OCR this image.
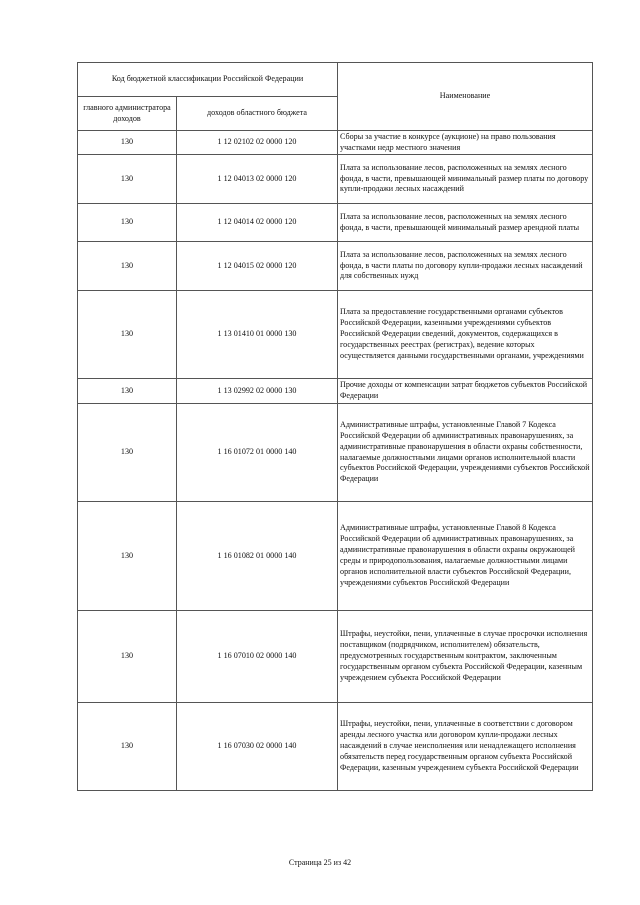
Код бюджетной классификации Российской Федерации		Наименование
главного администратора доходов	доходов областного бюджета	
130	1 12 02102 02 0000 120	Сборы за участие в конкурсе (аукционе) на право пользования участками недр местного значения
130	1 12 04013 02 0000 120	Плата за использование лесов, расположенных на землях лесного фонда, в части, превышающей минимальный размер платы по договору купли-продажи лесных насаждений
130	1 12 04014 02 0000 120	Плата за использование лесов, расположенных на землях лесного фонда, в части, превышающей минимальный размер арендной платы
130	1 12 04015 02 0000 120	Плата за использование лесов, расположенных на землях лесного фонда, в части платы по договору купли-продажи лесных насаждений для собственных нужд
130	1 13 01410 01 0000 130	Плата за предоставление государственными органами субъектов Российской Федерации, казенными учреждениями субъектов Российской Федерации сведений, документов, содержащихся в государственных реестрах (регистрах), ведение которых осуществляется данными государственными органами, учреждениями
130	1 13 02992 02 0000 130	Прочие доходы от компенсации затрат бюджетов субъектов Российской Федерации
130	1 16 01072 01 0000 140	Административные штрафы, установленные Главой 7 Кодекса Российской Федерации об административных правонарушениях, за административные правонарушения в области охраны собственности, налагаемые должностными лицами органов исполнительной власти субъектов Российской Федерации, учреждениями субъектов Российской Федерации
130	1 16 01082 01 0000 140	Административные штрафы, установленные Главой 8 Кодекса Российской Федерации об административных правонарушениях, за административные правонарушения в области охраны окружающей среды и природопользования, налагаемые должностными лицами органов исполнительной власти субъектов Российской Федерации, учреждениями субъектов Российской Федерации
130	1 16 07010 02 0000 140	Штрафы, неустойки, пени, уплаченные в случае просрочки исполнения поставщиком (подрядчиком, исполнителем) обязательств, предусмотренных государственным контрактом, заключенным государственным органом субъекта Российской Федерации, казенным учреждением субъекта Российской Федерации
130	1 16 07030 02 0000 140	Штрафы, неустойки, пени, уплаченные в соответствии с договором аренды лесного участка или договором купли-продажи лесных насаждений в случае неисполнения или ненадлежащего исполнения обязательств перед государственным органом субъекта Российской Федерации, казенным учреждением субъекта Российской Федерации
Страница 25 из 42
